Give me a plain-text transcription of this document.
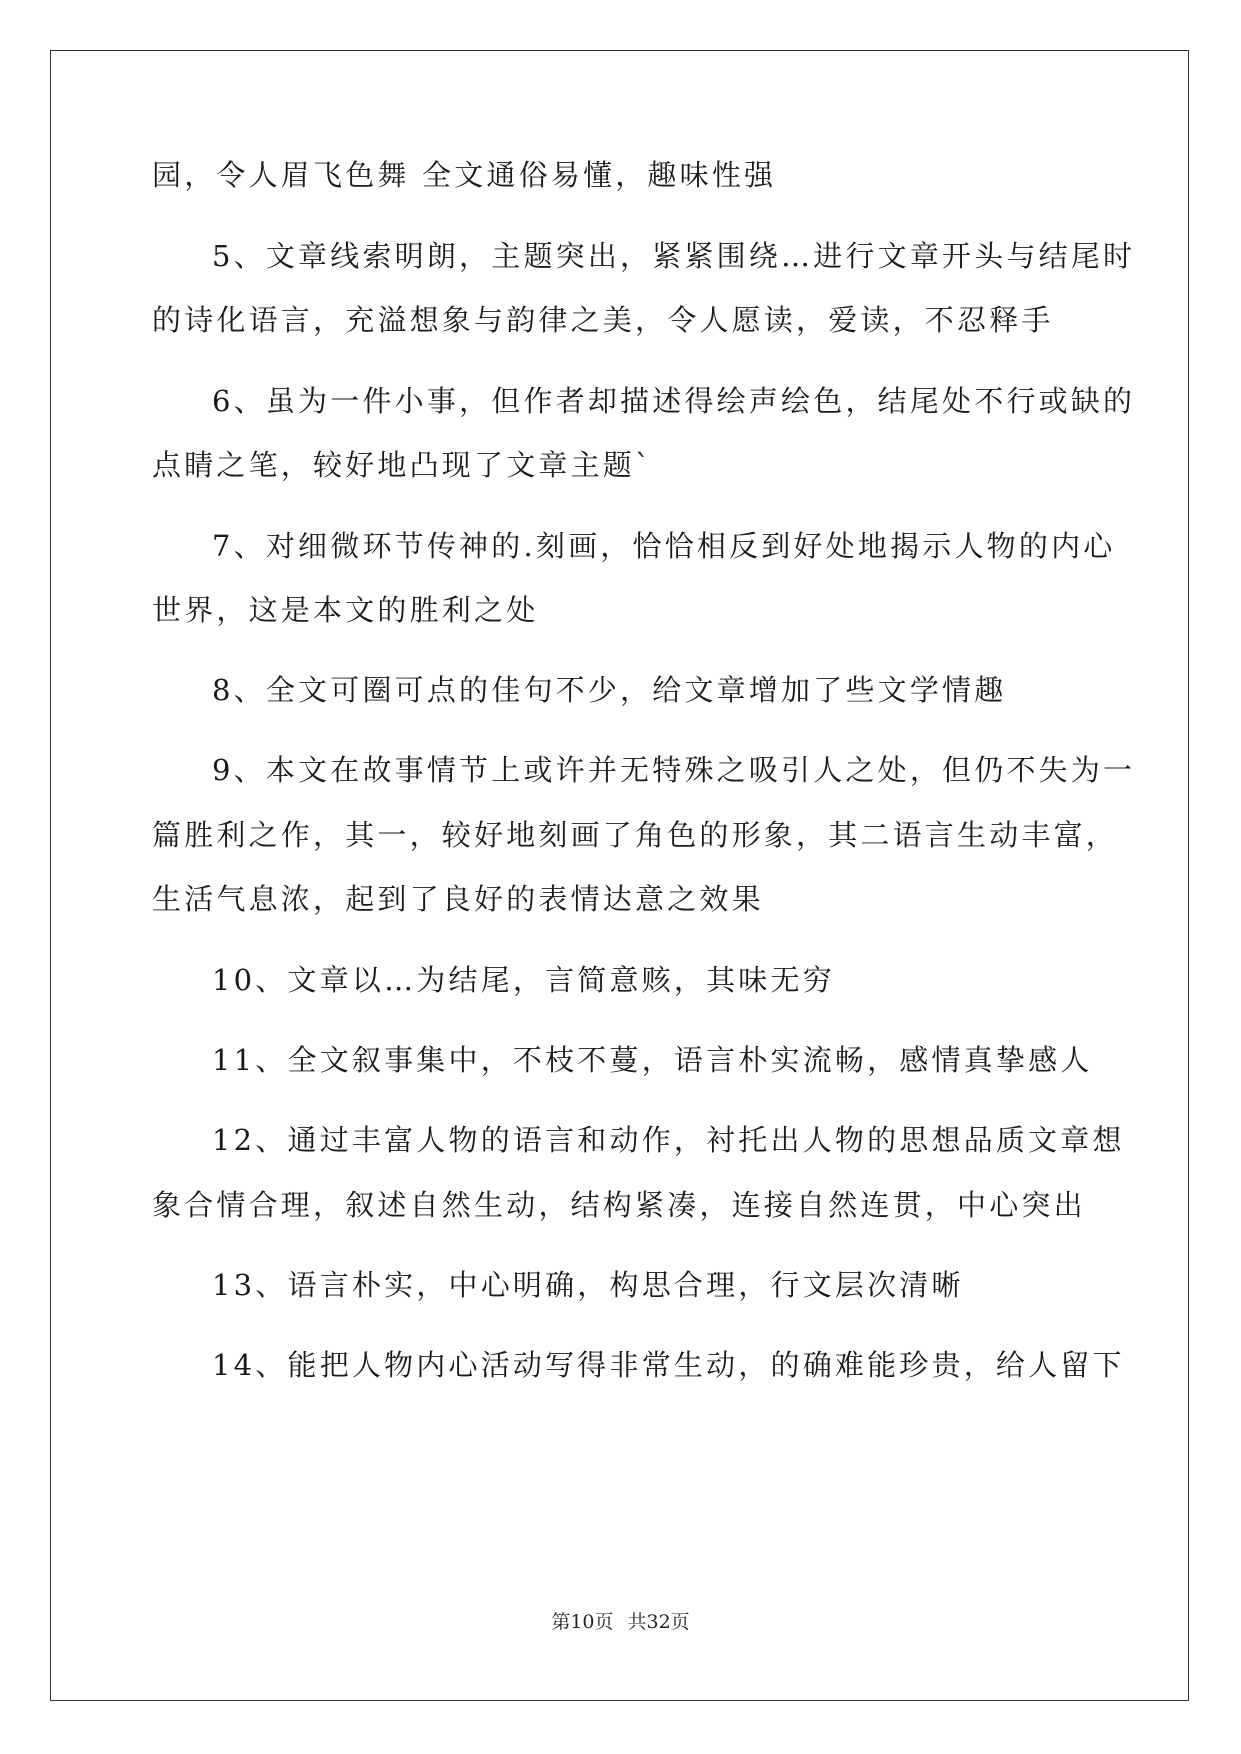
园，令人眉飞色舞 全文通俗易懂，趣味性强
5、文章线索明朗，主题突出，紧紧围绕…进行文章开头与结尾时
的诗化语言，充溢想象与韵律之美，令人愿读，爱读，不忍释手
6、虽为一件小事，但作者却描述得绘声绘色，结尾处不行或缺的
点睛之笔，较好地凸现了文章主题`
7、对细微环节传神的.刻画，恰恰相反到好处地揭示人物的内心
世界，这是本文的胜利之处
8、全文可圈可点的佳句不少，给文章增加了些文学情趣
9、本文在故事情节上或许并无特殊之吸引人之处，但仍不失为一
篇胜利之作，其一，较好地刻画了角色的形象，其二语言生动丰富，
生活气息浓，起到了良好的表情达意之效果
10、文章以…为结尾，言简意赅，其味无穷
11、全文叙事集中，不枝不蔓，语言朴实流畅，感情真挚感人
12、通过丰富人物的语言和动作，衬托出人物的思想品质文章想
象合情合理，叙述自然生动，结构紧凑，连接自然连贯，中心突出
13、语言朴实，中心明确，构思合理，行文层次清晰
14、能把人物内心活动写得非常生动，的确难能珍贵，给人留下
第10页 共32页
